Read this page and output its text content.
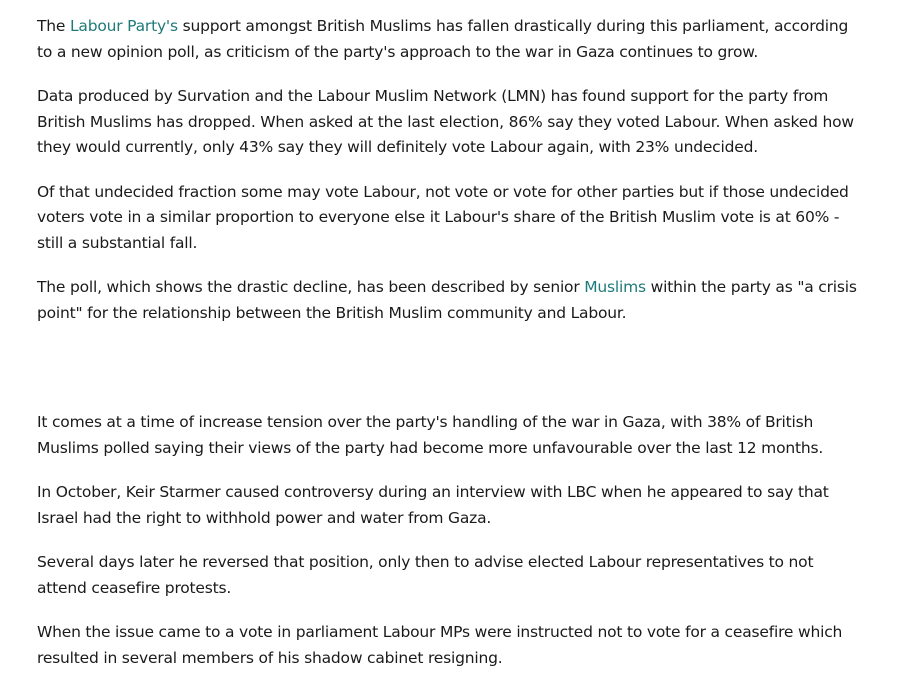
The Labour Party's support amongst British Muslims has fallen drastically during this parliament, according to a new opinion poll, as criticism of the party's approach to the war in Gaza continues to grow.

Data produced by Survation and the Labour Muslim Network (LMN) has found support for the party from British Muslims has dropped. When asked at the last election, 86% say they voted Labour. When asked how they would currently, only 43% say they will definitely vote Labour again, with 23% undecided.

Of that undecided fraction some may vote Labour, not vote or vote for other parties but if those undecided voters vote in a similar proportion to everyone else it Labour's share of the British Muslim vote is at 60% - still a substantial fall.

The poll, which shows the drastic decline, has been described by senior Muslims within the party as "a crisis point" for the relationship between the British Muslim community and Labour.

It comes at a time of increase tension over the party's handling of the war in Gaza, with 38% of British Muslims polled saying their views of the party had become more unfavourable over the last 12 months.

In October, Keir Starmer caused controversy during an interview with LBC when he appeared to say that Israel had the right to withhold power and water from Gaza.

Several days later he reversed that position, only then to advise elected Labour representatives to not attend ceasefire protests.

When the issue came to a vote in parliament Labour MPs were instructed not to vote for a ceasefire which resulted in several members of his shadow cabinet resigning.
